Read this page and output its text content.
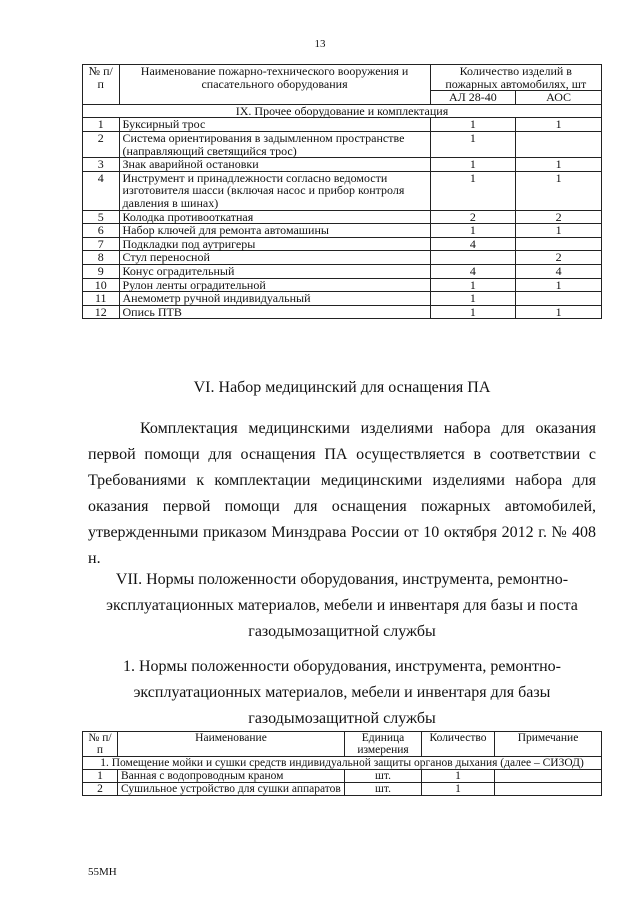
13
№ п/п	Наименование пожарно-технического вооружения и спасательного оборудования	Количество изделий в пожарных автомобилях, шт	
		АЛ 28-40	АОС
IX. Прочее оборудование и комплектация			
1	Буксирный трос	1	1
2	Система ориентирования в задымленном пространстве (направляющий светящийся трос)	1	
3	Знак аварийной остановки	1	1
4	Инструмент и принадлежности согласно ведомости изготовителя шасси (включая насос и прибор контроля давления в шинах)	1	1
5	Колодка противооткатная	2	2
6	Набор ключей для ремонта автомашины	1	1
7	Подкладки под аутригеры	4	
8	Стул переносной		2
9	Конус оградительный	4	4
10	Рулон ленты оградительной	1	1
11	Анемометр ручной индивидуальный	1	
12	Опись ПТВ	1	1
VI. Набор медицинский для оснащения ПА
Комплектация медицинскими изделиями набора для оказания первой помощи для оснащения ПА осуществляется в соответствии с Требованиями к комплектации медицинскими изделиями набора для оказания первой помощи для оснащения пожарных автомобилей, утвержденными приказом Минздрава России от 10 октября 2012 г. № 408 н.
VII. Нормы положенности оборудования, инструмента, ремонтно-эксплуатационных материалов, мебели и инвентаря для базы и поста газодымозащитной службы
1. Нормы положенности оборудования, инструмента, ремонтно-эксплуатационных материалов, мебели и инвентаря для базы газодымозащитной службы
№ п/п	Наименование	Единица измерения	Количество	Примечание
1. Помещение мойки и сушки средств индивидуальной защиты органов дыхания (далее – СИЗОД)				
1	Ванная с водопроводным краном	шт.	1	
2	Сушильное устройство для сушки аппаратов	шт.	1	
55МН
